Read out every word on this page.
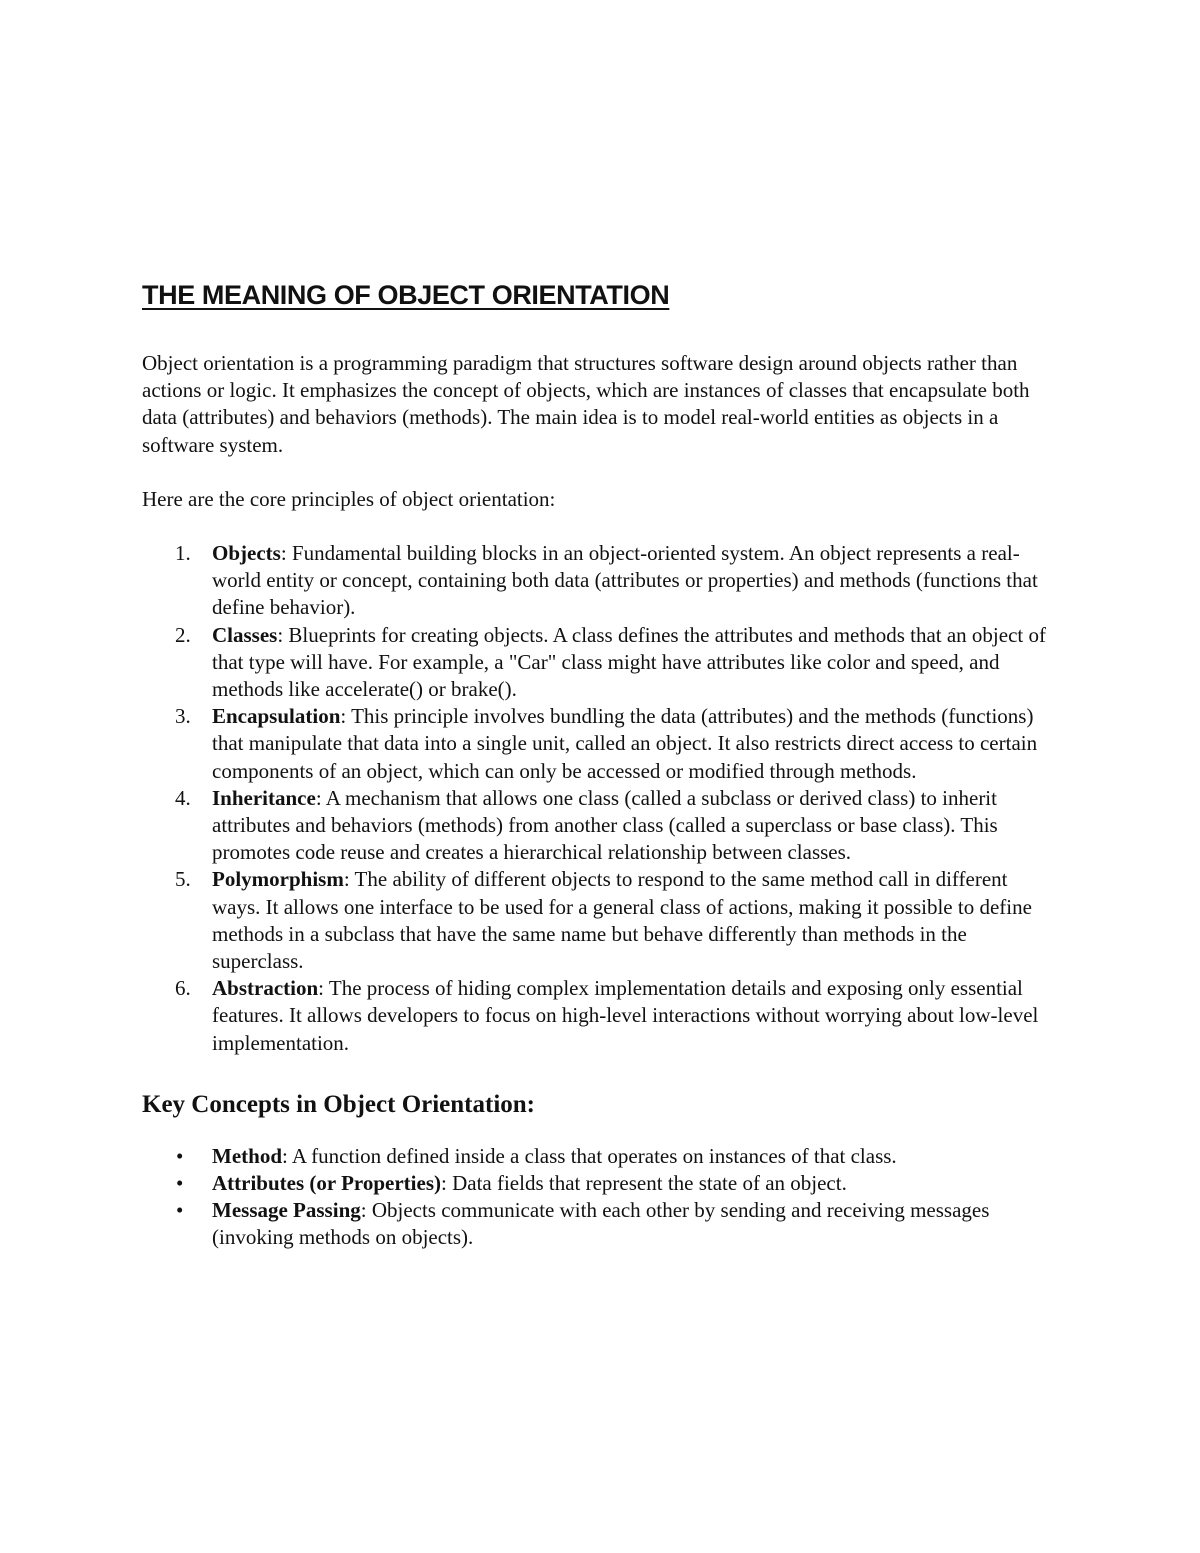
THE MEANING OF OBJECT ORIENTATION

Object orientation is a programming paradigm that structures software design around objects rather than actions or logic. It emphasizes the concept of objects, which are instances of classes that encapsulate both data (attributes) and behaviors (methods). The main idea is to model real-world entities as objects in a software system.

Here are the core principles of object orientation:

1. Objects: Fundamental building blocks in an object-oriented system. An object represents a real-world entity or concept, containing both data (attributes or properties) and methods (functions that define behavior).
2. Classes: Blueprints for creating objects. A class defines the attributes and methods that an object of that type will have. For example, a "Car" class might have attributes like color and speed, and methods like accelerate() or brake().
3. Encapsulation: This principle involves bundling the data (attributes) and the methods (functions) that manipulate that data into a single unit, called an object. It also restricts direct access to certain components of an object, which can only be accessed or modified through methods.
4. Inheritance: A mechanism that allows one class (called a subclass or derived class) to inherit attributes and behaviors (methods) from another class (called a superclass or base class). This promotes code reuse and creates a hierarchical relationship between classes.
5. Polymorphism: The ability of different objects to respond to the same method call in different ways. It allows one interface to be used for a general class of actions, making it possible to define methods in a subclass that have the same name but behave differently than methods in the superclass.
6. Abstraction: The process of hiding complex implementation details and exposing only essential features. It allows developers to focus on high-level interactions without worrying about low-level implementation.
Key Concepts in Object Orientation:
• Method: A function defined inside a class that operates on instances of that class.
• Attributes (or Properties): Data fields that represent the state of an object.
• Message Passing: Objects communicate with each other by sending and receiving messages (invoking methods on objects).
